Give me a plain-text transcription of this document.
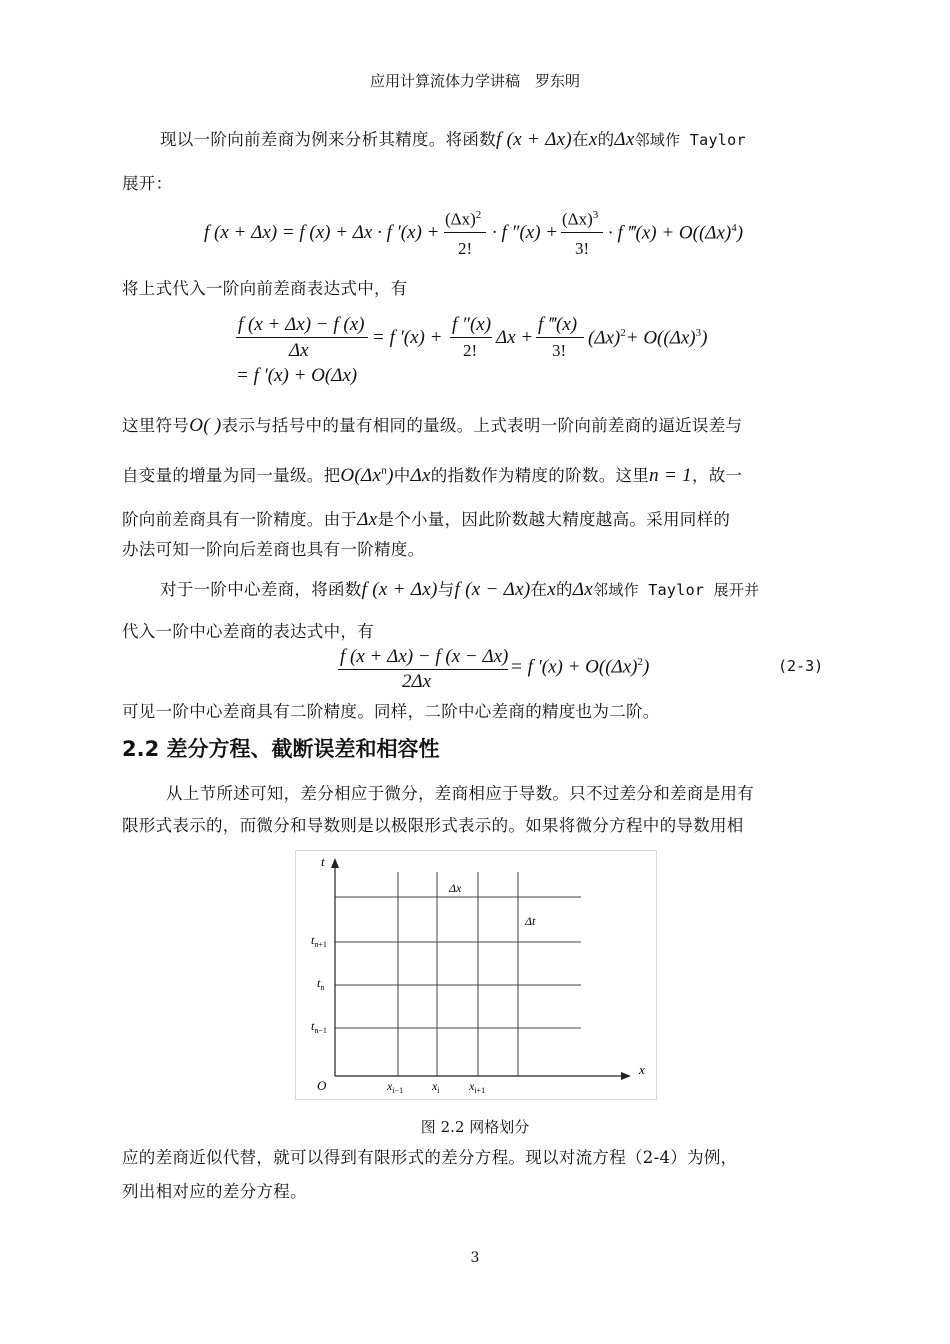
应用计算流体力学讲稿　罗东明
现以一阶向前差商为例来分析其精度。将函数f (x + Δx)在x的Δx邻域作 Taylor
展开：
f (x + Δx) = f (x) + Δx · f ′(x) +
$(\Delta x)^2$
2!
· f ″(x) +
$(\Delta x)^3$
3!
· f ‴(x) + $O((\Delta x)^4)$
将上式代入一阶向前差商表达式中，有
f (x + Δx) − f (x)
Δx
= f ′(x) +
f ″(x)
2!
Δx +
f ‴(x)
3!
$(\Delta x)^2+ O((\Delta x)^3)$
= f ′(x) + O(Δx)
这里符号O( )表示与括号中的量有相同的量级。上式表明一阶向前差商的逼近误差与
自变量的增量为同一量级。把$O(\Delta x^n)$中Δx的指数作为精度的阶数。这里n = 1，故一
阶向前差商具有一阶精度。由于Δx是个小量，因此阶数越大精度越高。采用同样的
办法可知一阶向后差商也具有一阶精度。
对于一阶中心差商，将函数f (x + Δx)与f (x − Δx)在x的Δx邻域作 Taylor 展开并
代入一阶中心差商的表达式中，有
f (x + Δx) − f (x − Δx)
2Δx
= f $'(x) + O((\Delta x)^2)$	(2-3)
可见一阶中心差商具有二阶精度。同样，二阶中心差商的精度也为二阶。
2.2 差分方程、截断误差和相容性
从上节所述可知，差分相应于微分，差商相应于导数。只不过差分和差商是用有
限形式表示的，而微分和导数则是以极限形式表示的。如果将微分方程中的导数用相
t
x
O
Δx
Δt
$t_{n+1}$
$t_n$
$t_{n-1}$
$x_{i-1}$ $x_i$ $x_{i+1}$
图 2.2 网格划分
应的差商近似代替，就可以得到有限形式的差分方程。现以对流方程（2-4）为例，
列出相对应的差分方程。
3
